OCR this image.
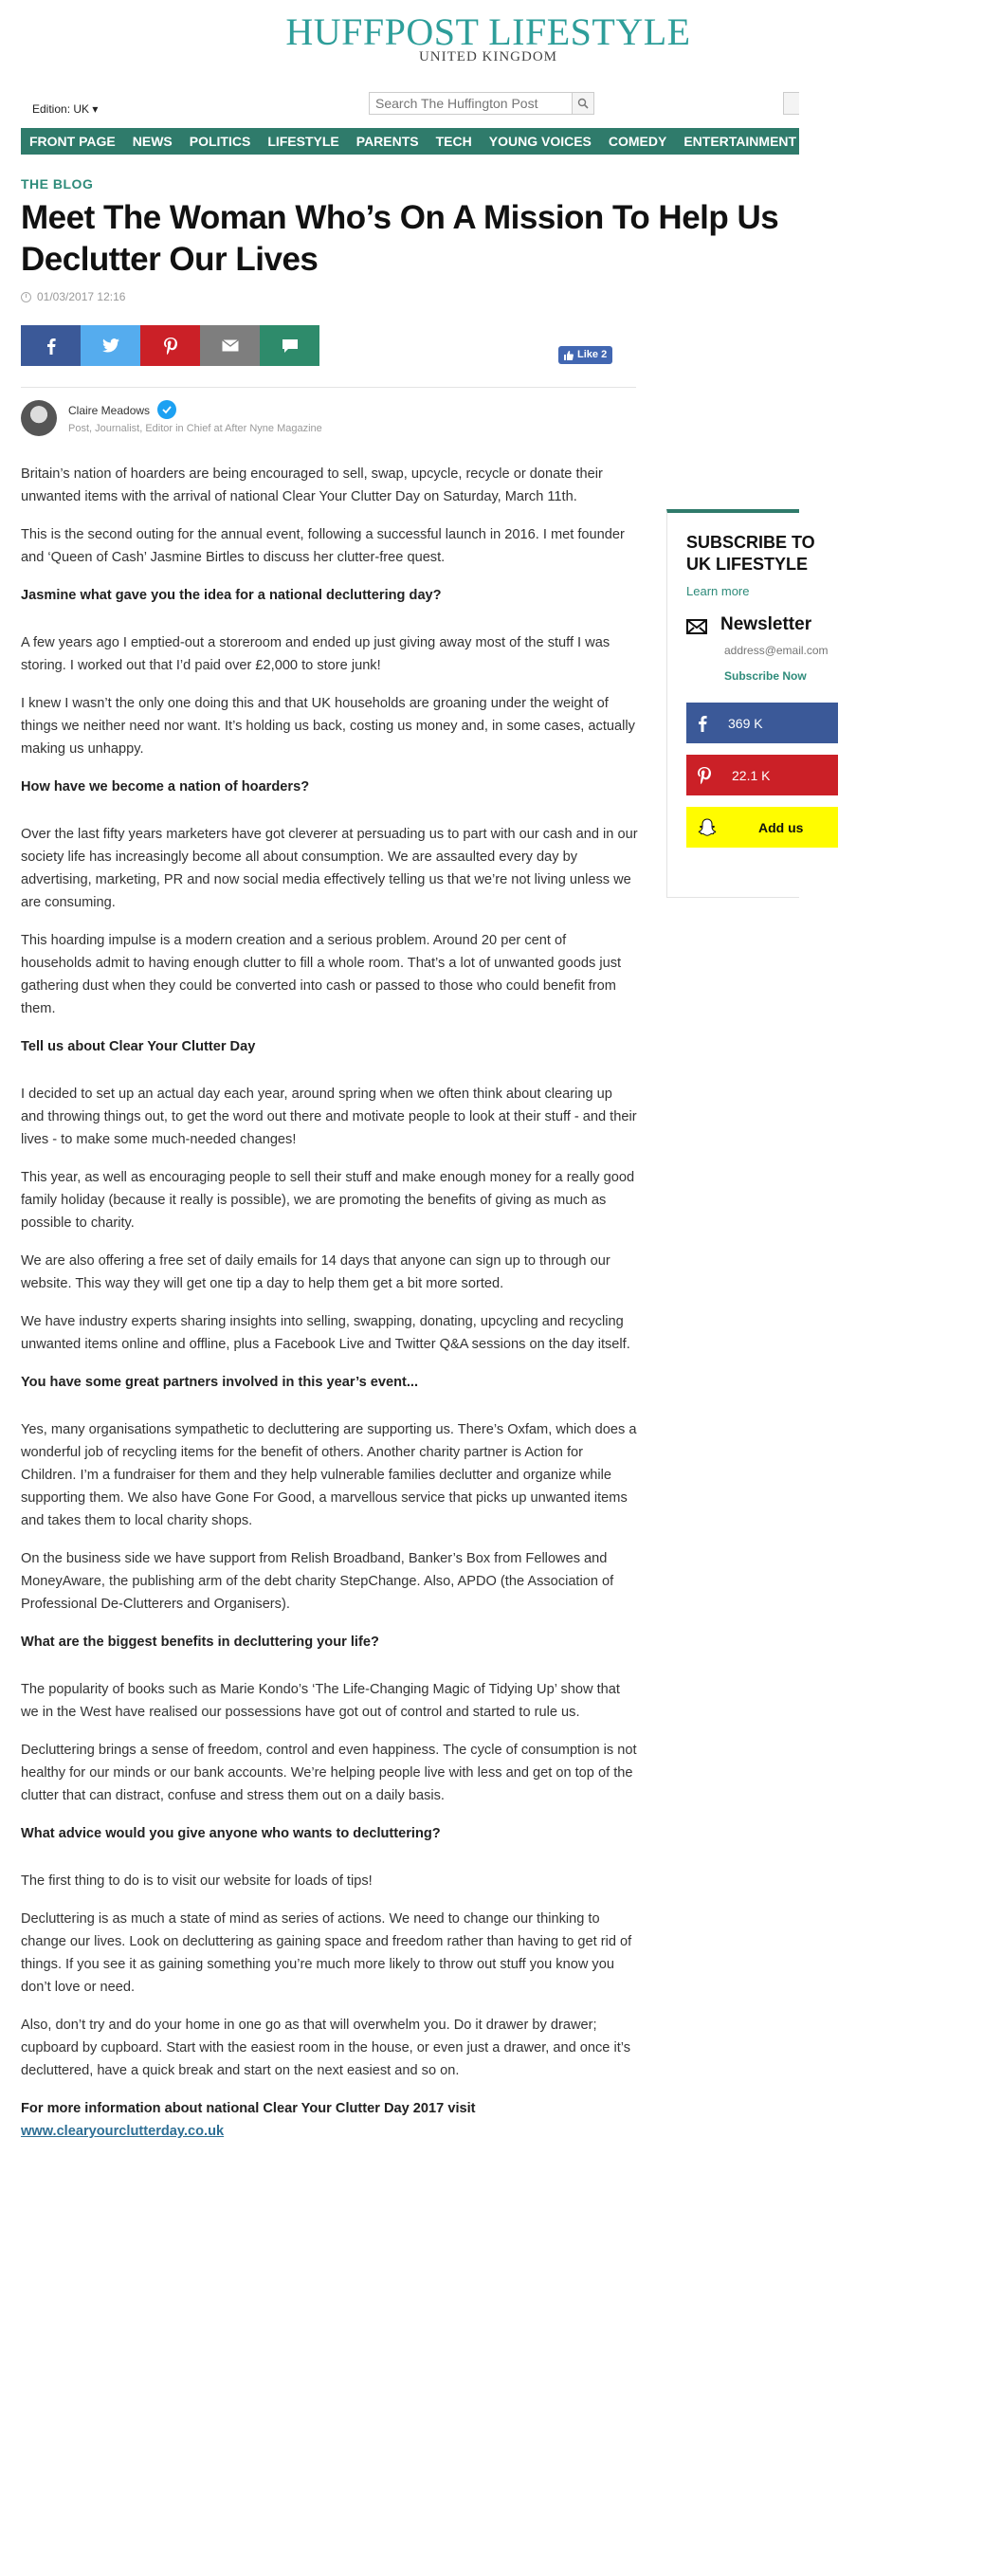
HUFFPOST LIFESTYLE
UNITED KINGDOM
Edition: UK ▾
Search The Huffington Post
FRONT PAGE	NEWS	POLITICS	LIFESTYLE	PARENTS	TECH	YOUNG VOICES	COMEDY	ENTERTAINMENT	STYLE	WHAT'S WORKING
THE BLOG
Meet The Woman Who’s On A Mission To Help Us Declutter Our Lives
01/03/2017 12:16
Like 2
Claire Meadows
Post, Journalist, Editor in Chief at After Nyne Magazine

Britain’s nation of hoarders are being encouraged to sell, swap, upcycle, recycle or donate their unwanted items with the arrival of national Clear Your Clutter Day on Saturday, March 11th.

This is the second outing for the annual event, following a successful launch in 2016. I met founder and ‘Queen of Cash’ Jasmine Birtles to discuss her clutter-free quest.

Jasmine what gave you the idea for a national decluttering day?

A few years ago I emptied-out a storeroom and ended up just giving away most of the stuff I was storing. I worked out that I’d paid over £2,000 to store junk!

I knew I wasn’t the only one doing this and that UK households are groaning under the weight of things we neither need nor want. It’s holding us back, costing us money and, in some cases, actually making us unhappy.

How have we become a nation of hoarders?

Over the last fifty years marketers have got cleverer at persuading us to part with our cash and in our society life has increasingly become all about consumption. We are assaulted every day by advertising, marketing, PR and now social media effectively telling us that we’re not living unless we are consuming.

This hoarding impulse is a modern creation and a serious problem. Around 20 per cent of households admit to having enough clutter to fill a whole room. That’s a lot of unwanted goods just gathering dust when they could be converted into cash or passed to those who could benefit from them.

Tell us about Clear Your Clutter Day

I decided to set up an actual day each year, around spring when we often think about clearing up and throwing things out, to get the word out there and motivate people to look at their stuff - and their lives - to make some much-needed changes!

This year, as well as encouraging people to sell their stuff and make enough money for a really good family holiday (because it really is possible), we are promoting the benefits of giving as much as possible to charity.

We are also offering a free set of daily emails for 14 days that anyone can sign up to through our website. This way they will get one tip a day to help them get a bit more sorted.

We have industry experts sharing insights into selling, swapping, donating, upcycling and recycling unwanted items online and offline, plus a Facebook Live and Twitter Q&A sessions on the day itself.

You have some great partners involved in this year’s event...

Yes, many organisations sympathetic to decluttering are supporting us. There’s Oxfam, which does a wonderful job of recycling items for the benefit of others. Another charity partner is Action for Children. I’m a fundraiser for them and they help vulnerable families declutter and organize while supporting them. We also have Gone For Good, a marvellous service that picks up unwanted items and takes them to local charity shops.

On the business side we have support from Relish Broadband, Banker’s Box from Fellowes and MoneyAware, the publishing arm of the debt charity StepChange. Also, APDO (the Association of Professional De-Clutterers and Organisers).

What are the biggest benefits in decluttering your life?

The popularity of books such as Marie Kondo’s ‘The Life-Changing Magic of Tidying Up’ show that we in the West have realised our possessions have got out of control and started to rule us.

Decluttering brings a sense of freedom, control and even happiness. The cycle of consumption is not healthy for our minds or our bank accounts. We’re helping people live with less and get on top of the clutter that can distract, confuse and stress them out on a daily basis.

What advice would you give anyone who wants to decluttering?

The first thing to do is to visit our website for loads of tips!

Decluttering is as much a state of mind as series of actions. We need to change our thinking to change our lives. Look on decluttering as gaining space and freedom rather than having to get rid of things. If you see it as gaining something you’re much more likely to throw out stuff you know you don’t love or need.

Also, don’t try and do your home in one go as that will overwhelm you. Do it drawer by drawer; cupboard by cupboard. Start with the easiest room in the house, or even just a drawer, and once it’s decluttered, have a quick break and start on the next easiest and so on.

For more information about national Clear Your Clutter Day 2017 visit
www.clearyourclutterday.co.uk

SUBSCRIBE TO
UK LIFESTYLE
Learn more
Newsletter
address@email.com
Subscribe Now
369 K
22.1 K
Add us
